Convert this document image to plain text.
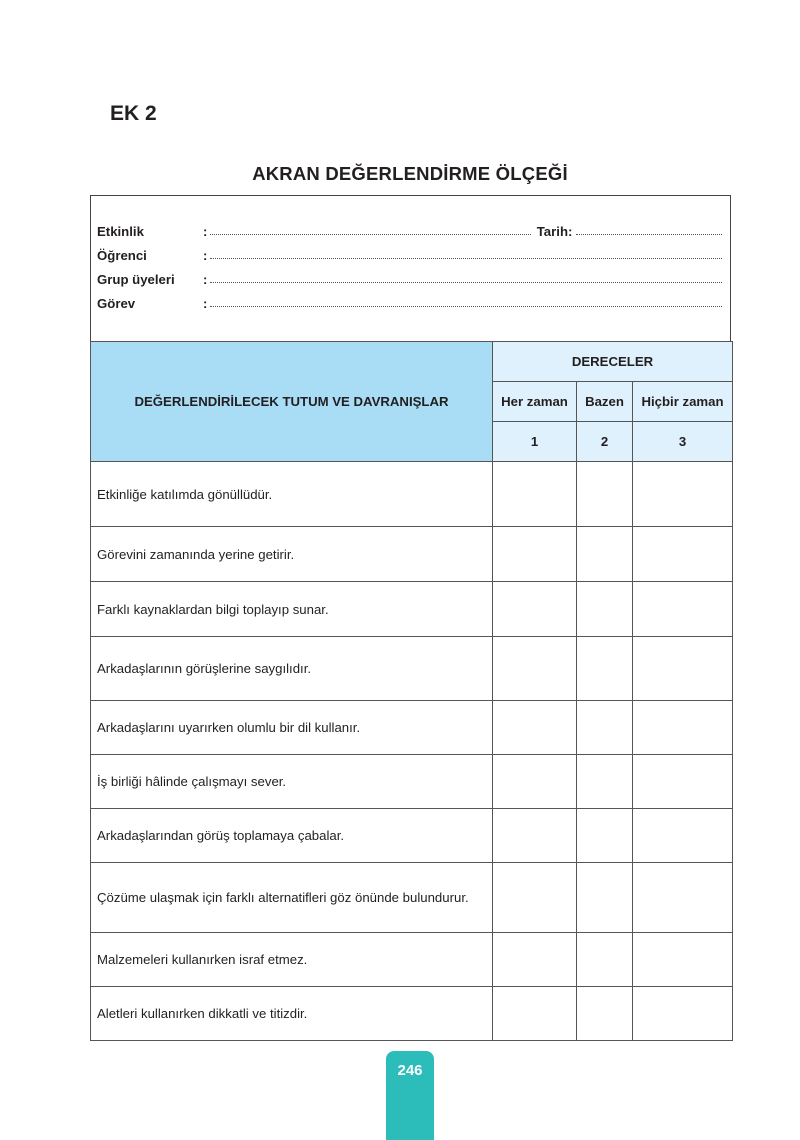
EK 2
AKRAN DEĞERLENDİRME ÖLÇEĞİ
Etkinlik	:	Tarih:
Öğrenci	:
Grup üyeleri	:
Görev	:
DEĞERLENDİRİLECEK TUTUM VE DAVRANIŞLAR	DERECELER		
	Her zaman	Bazen	Hiçbir zaman
	1	2	3
Etkinliğe katılımda gönüllüdür.			
Görevini zamanında yerine getirir.			
Farklı kaynaklardan bilgi toplayıp sunar.			
Arkadaşlarının görüşlerine saygılıdır.			
Arkadaşlarını uyarırken olumlu bir dil kullanır.			
İş birliği hâlinde çalışmayı sever.			
Arkadaşlarından görüş toplamaya çabalar.			
Çözüme ulaşmak için farklı alternatifleri göz önünde bulundurur.			
Malzemeleri kullanırken israf etmez.			
Aletleri kullanırken dikkatli ve titizdir.			
246
